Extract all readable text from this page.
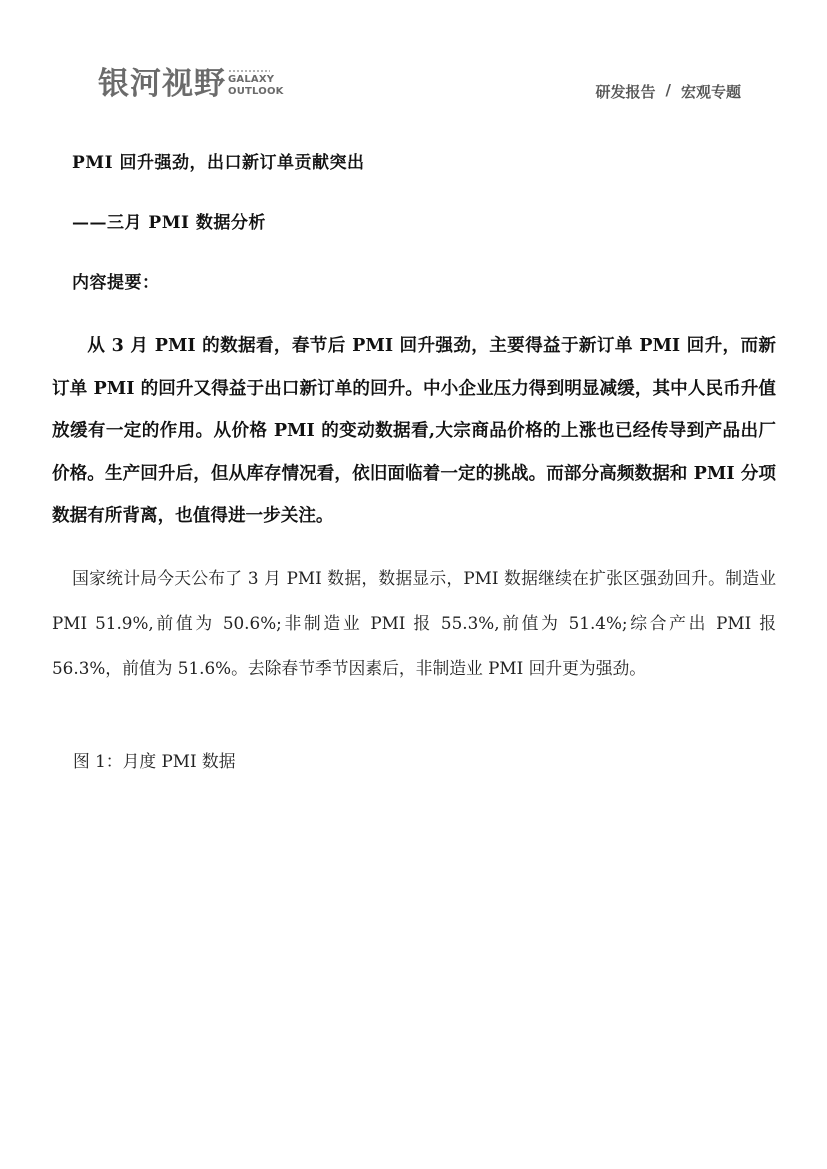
银河视野 GALAXY
OUTLOOK	研发报告 / 宏观专题
PMI 回升强劲，出口新订单贡献突出
——三月 PMI 数据分析
内容提要：

从 3 月 PMI 的数据看，春节后 PMI 回升强劲，主要得益于新订单 PMI 回升，而新订单 PMI 的回升又得益于出口新订单的回升。中小企业压力得到明显减缓，其中人民币升值放缓有一定的作用。从价格 PMI 的变动数据看,大宗商品价格的上涨也已经传导到产品出厂价格。生产回升后，但从库存情况看，依旧面临着一定的挑战。而部分高频数据和 PMI 分项数据有所背离，也值得进一步关注。

国家统计局今天公布了 3 月 PMI 数据，数据显示，PMI 数据继续在扩张区强劲回升。制造业 PMI 51.9%,前值为 50.6%;非制造业 PMI 报 55.3%,前值为 51.4%;综合产出 PMI 报 56.3%，前值为 51.6%。去除春节季节因素后，非制造业 PMI 回升更为强劲。

图 1：月度 PMI 数据
